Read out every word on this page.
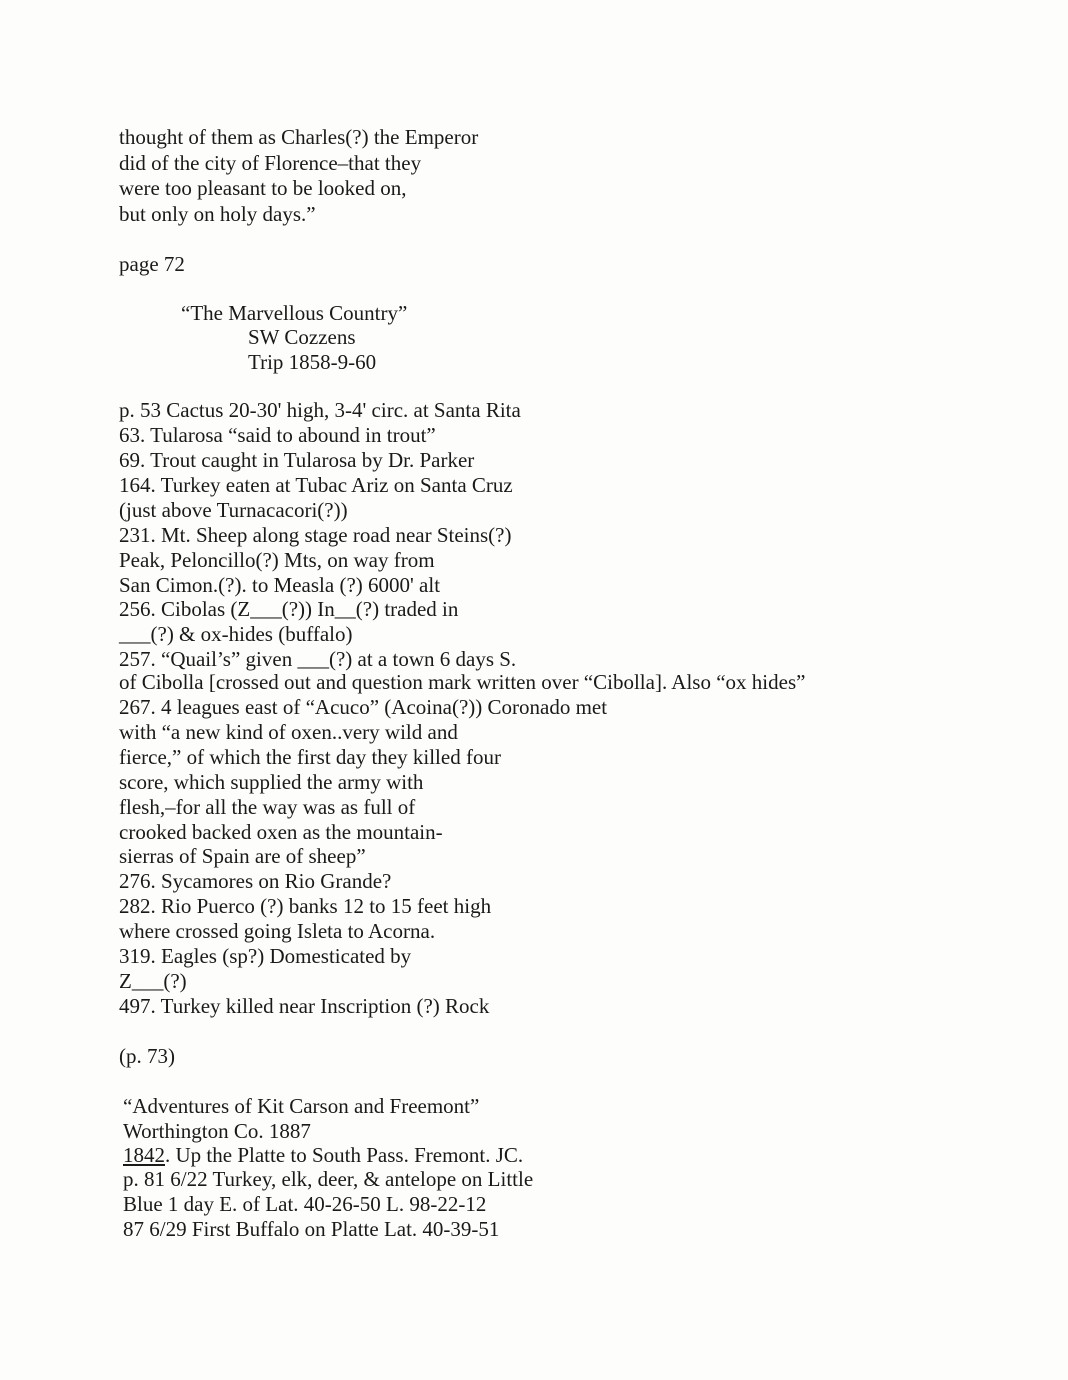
thought of them as Charles(?) the Emperor

did of the city of Florence–that they

were too pleasant to be looked on,

but only on holy days.”

page 72

“The Marvellous Country”

SW Cozzens

Trip 1858-9-60

p. 53 Cactus 20-30' high, 3-4' circ. at Santa Rita

63. Tularosa “said to abound in trout”

69. Trout caught in Tularosa by Dr. Parker

164. Turkey eaten at Tubac Ariz on Santa Cruz

(just above Turnacacori(?))

231. Mt. Sheep along stage road near Steins(?)

Peak, Peloncillo(?) Mts, on way from

San Cimon.(?). to Measla (?) 6000' alt

256. Cibolas (Z___(?)) In__(?) traded in

___(?) & ox-hides (buffalo)

257. “Quail’s” given ___(?) at a town 6 days S.

of Cibolla [crossed out and question mark written over “Cibolla]. Also “ox hides”

267. 4 leagues east of “Acuco” (Acoina(?)) Coronado met

with “a new kind of oxen..very wild and

fierce,” of which the first day they killed four

score, which supplied the army with

flesh,–for all the way was as full of

crooked backed oxen as the mountain-

sierras of Spain are of sheep”

276. Sycamores on Rio Grande?

282. Rio Puerco (?) banks 12 to 15 feet high

where crossed going Isleta to Acorna.

319. Eagles (sp?) Domesticated by

Z___(?)

497. Turkey killed near Inscription (?) Rock

(p. 73)

“Adventures of Kit Carson and Freemont”

Worthington Co. 1887

1842. Up the Platte to South Pass. Fremont. JC.

p. 81 6/22 Turkey, elk, deer, & antelope on Little

Blue 1 day E. of Lat. 40-26-50 L. 98-22-12

87 6/29 First Buffalo on Platte Lat. 40-39-51
